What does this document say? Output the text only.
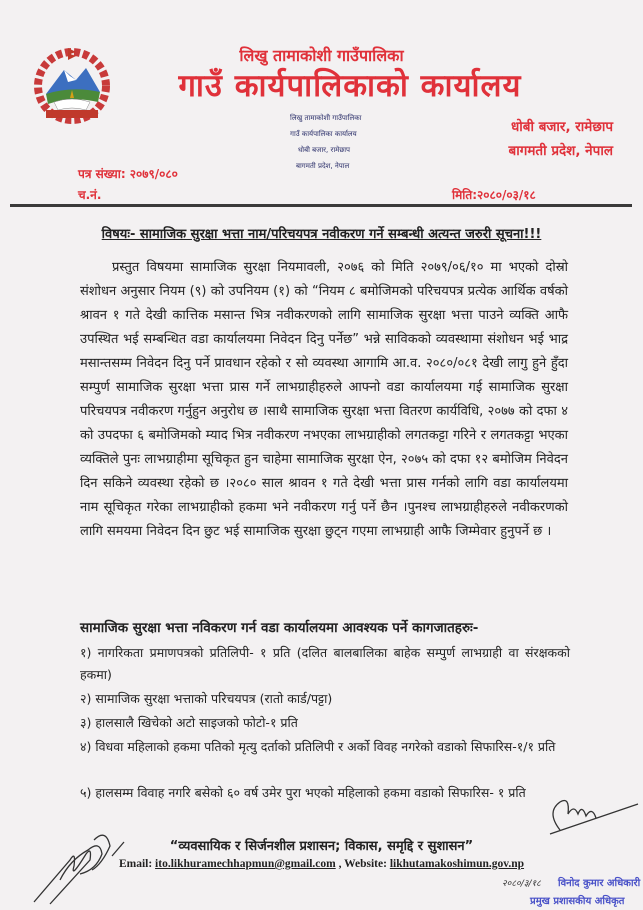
लिखु तामाकोशी गाउँपालिका
गाउँ कार्यपालिकाको कार्यालय
लिखु तामाकोशी गाउँपालिका
गाउँ कार्यपालिका कार्यालय
धोबी बजार, रामेछाप
बागमती प्रदेश, नेपाल
धोबी बजार, रामेछाप
बागमती प्रदेश, नेपाल
पत्र संख्या: २०७९/०८०
च.नं.	मिति:२०८०/०३/१८
विषयः- सामाजिक सुरक्षा भत्ता नाम/परिचयपत्र नवीकरण गर्ने सम्बन्धी अत्यन्त जरुरी सूचना!!!
प्रस्तुत विषयमा सामाजिक सुरक्षा नियमावली, २०७६ को मिति २०७९/०६/१० मा भएको दोस्रो संशोधन अनुसार नियम (९) को उपनियम (१) को “नियम ८ बमोजिमको परिचयपत्र प्रत्येक आर्थिक वर्षको श्रावन १ गते देखी कात्तिक मसान्त भित्र नवीकरणको लागि सामाजिक सुरक्षा भत्ता पाउने व्यक्ति आफै उपस्थित भई सम्बन्धित वडा कार्यालयमा निवेदन दिनु पर्नेछ” भन्ने साविकको व्यवस्थामा संशोधन भई भाद्र मसान्तसम्म निवेदन दिनु पर्ने प्रावधान रहेको र सो व्यवस्था आगामि आ.व. २०८०/०८१ देखी लागु हुने हुँदा सम्पुर्ण सामाजिक सुरक्षा भत्ता प्रास गर्ने लाभग्राहीहरुले आफ्नो वडा कार्यालयमा गई सामाजिक सुरक्षा परिचयपत्र नवीकरण गर्नुहुन अनुरोध छ ।साथै सामाजिक सुरक्षा भत्ता वितरण कार्यविधि, २०७७ को दफा ४ को उपदफा ६ बमोजिमको म्याद भित्र नवीकरण नभएका लाभग्राहीको लगतकट्टा गरिने र लगतकट्टा भएका व्यक्तिले पुनः लाभग्राहीमा सूचिकृत हुन चाहेमा सामाजिक सुरक्षा ऐन, २०७५ को दफा १२ बमोजिम निवेदन दिन सकिने व्यवस्था रहेको छ ।२०८० साल श्रावन १ गते देखी भत्ता प्रास गर्नको लागि वडा कार्यालयमा नाम सूचिकृत गरेका लाभग्राहीको हकमा भने नवीकरण गर्नु पर्ने छैन ।पुनश्च लाभग्राहीहरुले नवीकरणको लागि समयमा निवेदन दिन छुट भई सामाजिक सुरक्षा छुट्न गएमा लाभग्राही आफै जिम्मेवार हुनुपर्ने छ ।
सामाजिक सुरक्षा भत्ता नविकरण गर्न वडा कार्यालयमा आवश्यक पर्ने कागजातहरुः-
१) नागरिकता प्रमाणपत्रको प्रतिलिपी- १ प्रति (दलित बालबालिका बाहेक सम्पुर्ण लाभग्राही वा संरक्षकको हकमा)
२) सामाजिक सुरक्षा भत्ताको परिचयपत्र (रातो कार्ड/पट्टा)
३) हालसालै खिचेको अटो साइजको फोटो-१ प्रति
४) विधवा महिलाको हकमा पतिको मृत्यु दर्ताको प्रतिलिपी र अर्को विवह नगरेको वडाको सिफारिस-१/१ प्रति
५) हालसम्म विवाह नगरि बसेको ६० वर्ष उमेर पुरा भएको महिलाको हकमा वडाको सिफारिस- १ प्रति
“व्यवसायिक र सिर्जनशील प्रशासन; विकास, समृद्दि र सुशासन”
Email: ito.likhuramechhapmun@gmail.com , Website: likhutamakoshimun.gov.np
२०८०/३/१८ विनोद कुमार अधिकारी
प्रमुख प्रशासकीय अधिकृत
